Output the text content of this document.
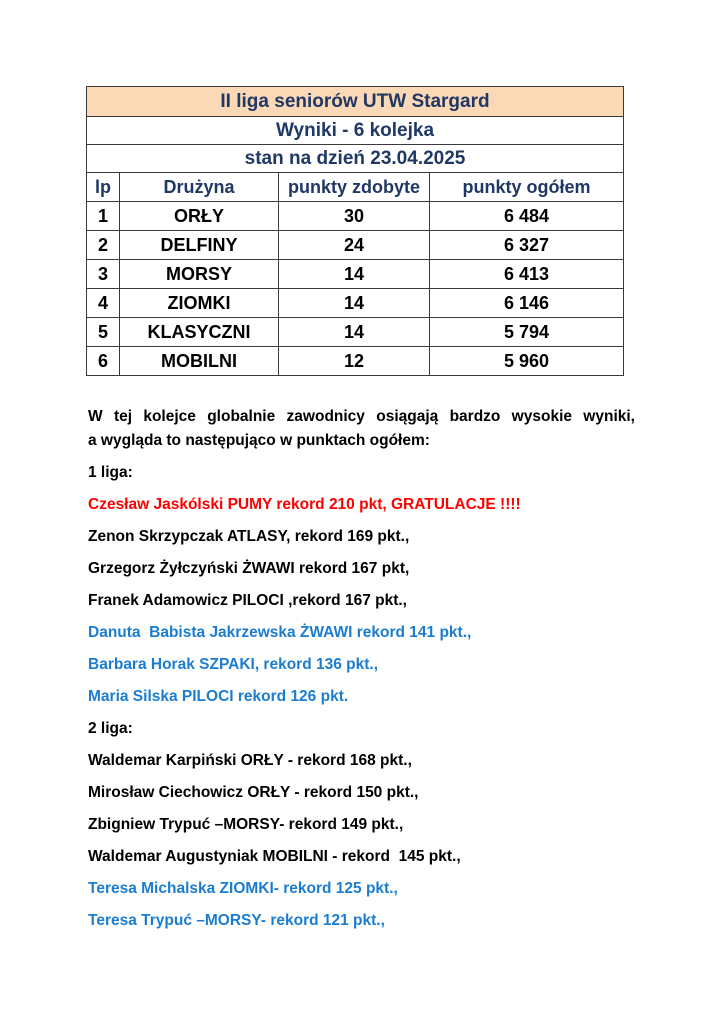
II liga seniorów UTW Stargard			
Wyniki - 6 kolejka			
stan na dzień 23.04.2025			
lp	Drużyna	punkty zdobyte	punkty ogółem
1	ORŁY	30	6 484
2	DELFINY	24	6 327
3	MORSY	14	6 413
4	ZIOMKI	14	6 146
5	KLASYCZNI	14	5 794
6	MOBILNI	12	5 960
W tej kolejce globalnie zawodnicy osiągają bardzo wysokie wyniki,
a wygląda to następująco w punktach ogółem:

1 liga:

Czesław Jaskólski PUMY rekord 210 pkt, GRATULACJE !!!!

Zenon Skrzypczak ATLASY, rekord 169 pkt.,

Grzegorz Żyłczyński ŻWAWI rekord 167 pkt,

Franek Adamowicz PILOCI ,rekord 167 pkt.,

Danuta  Babista Jakrzewska ŻWAWI rekord 141 pkt.,

Barbara Horak SZPAKI, rekord 136 pkt.,

Maria Silska PILOCI rekord 126 pkt.

2 liga:

Waldemar Karpiński ORŁY - rekord 168 pkt.,

Mirosław Ciechowicz ORŁY - rekord 150 pkt.,

Zbigniew Trypuć –MORSY- rekord 149 pkt.,

Waldemar Augustyniak MOBILNI - rekord  145 pkt.,

Teresa Michalska ZIOMKI- rekord 125 pkt.,

Teresa Trypuć –MORSY- rekord 121 pkt.,
